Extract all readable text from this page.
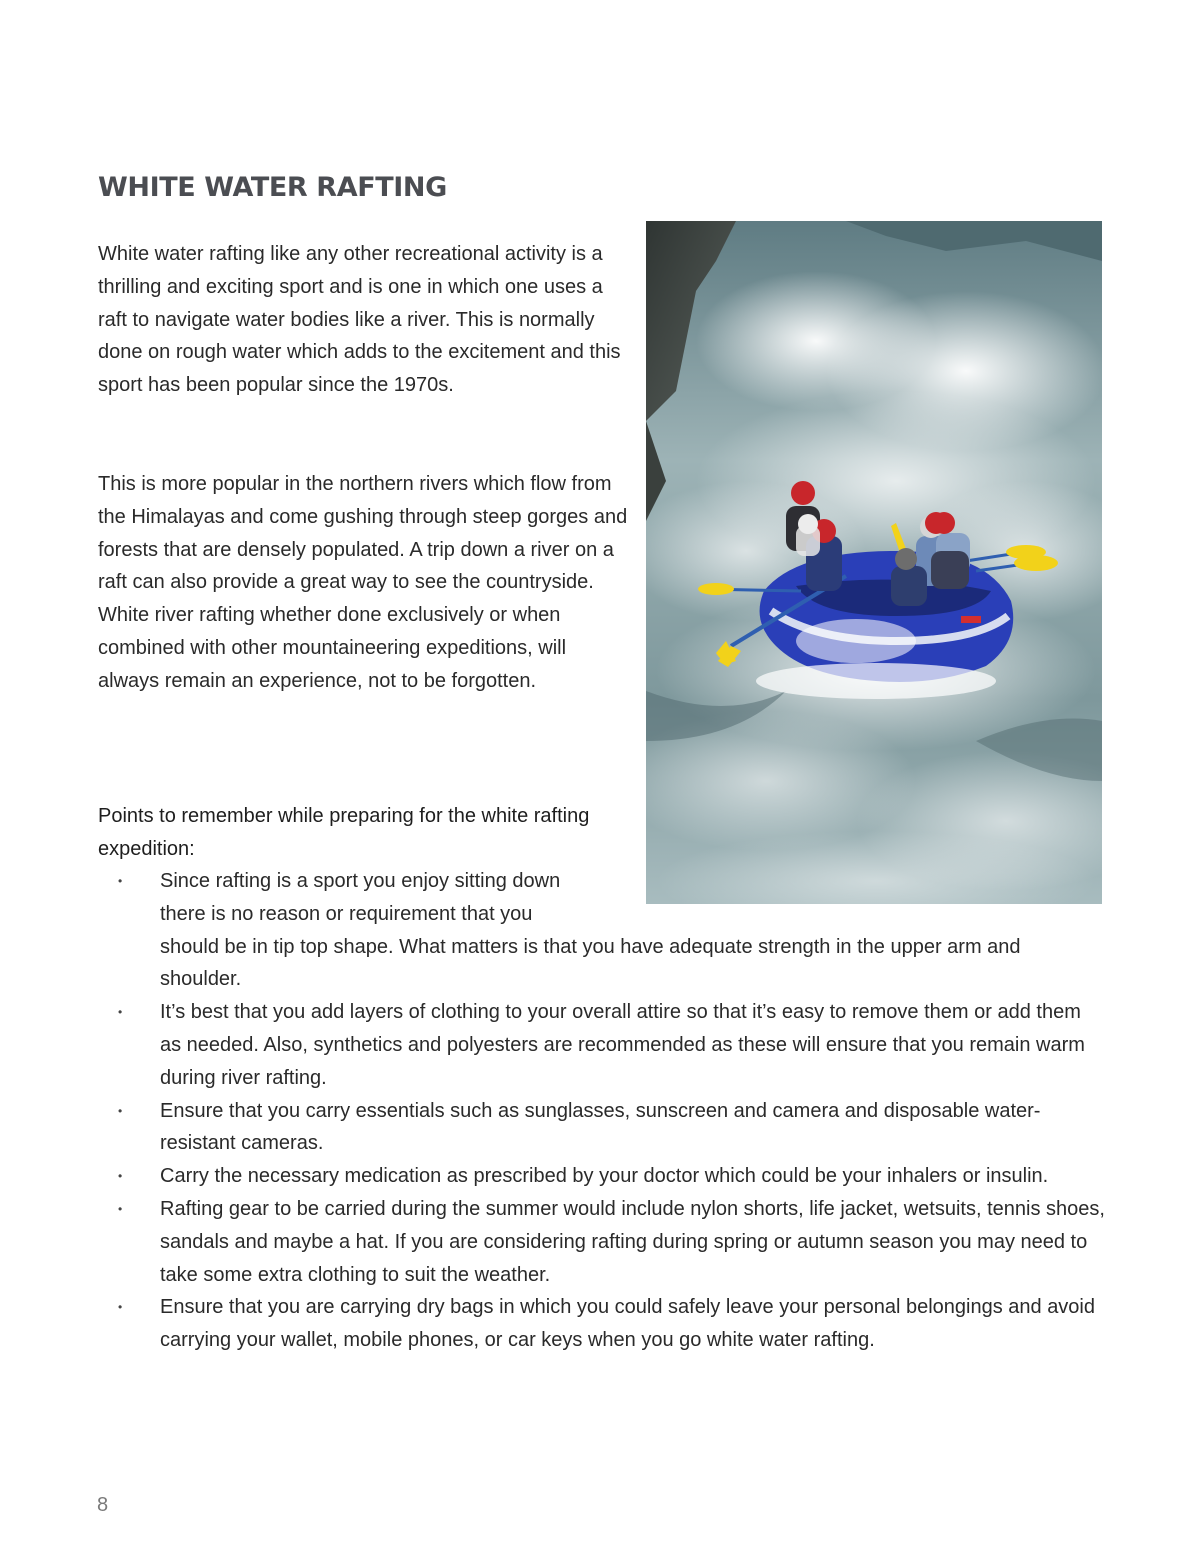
WHITE WATER RAFTING
White water rafting like any other recreational activity is a thrilling and exciting sport and is one in which one uses a raft to navigate water bodies like a river. This is normally done on rough water which adds to the excitement and this sport has been popular since the 1970s.
This is more popular in the northern rivers which flow from the Himalayas and come gushing through steep gorges and forests that are densely populated. A trip down a river on a raft can also provide a great way to see the countryside. White river rafting whether done exclusively or when combined with other mountaineering expeditions, will always remain an experience, not to be forgotten.
Points to remember while preparing for the white rafting expedition:
• Since rafting is a sport you enjoy sitting down there is no reason or requirement that you
should be in tip top shape. What matters is that you have adequate strength in the upper arm and shoulder.
• It’s best that you add layers of clothing to your overall attire so that it’s easy to remove them or add them as needed. Also, synthetics and polyesters are recommended as these will ensure that you remain warm during river rafting.
• Ensure that you carry essentials such as sunglasses, sunscreen and camera and disposable water-resistant cameras.
• Carry the necessary medication as prescribed by your doctor which could be your inhalers or insulin.
• Rafting gear to be carried during the summer would include nylon shorts, life jacket, wetsuits, tennis shoes, sandals and maybe a hat. If you are considering rafting during spring or autumn season you may need to take some extra clothing to suit the weather.
• Ensure that you are carrying dry bags in which you could safely leave your personal belongings and avoid carrying your wallet, mobile phones, or car keys when you go white water rafting.
8
